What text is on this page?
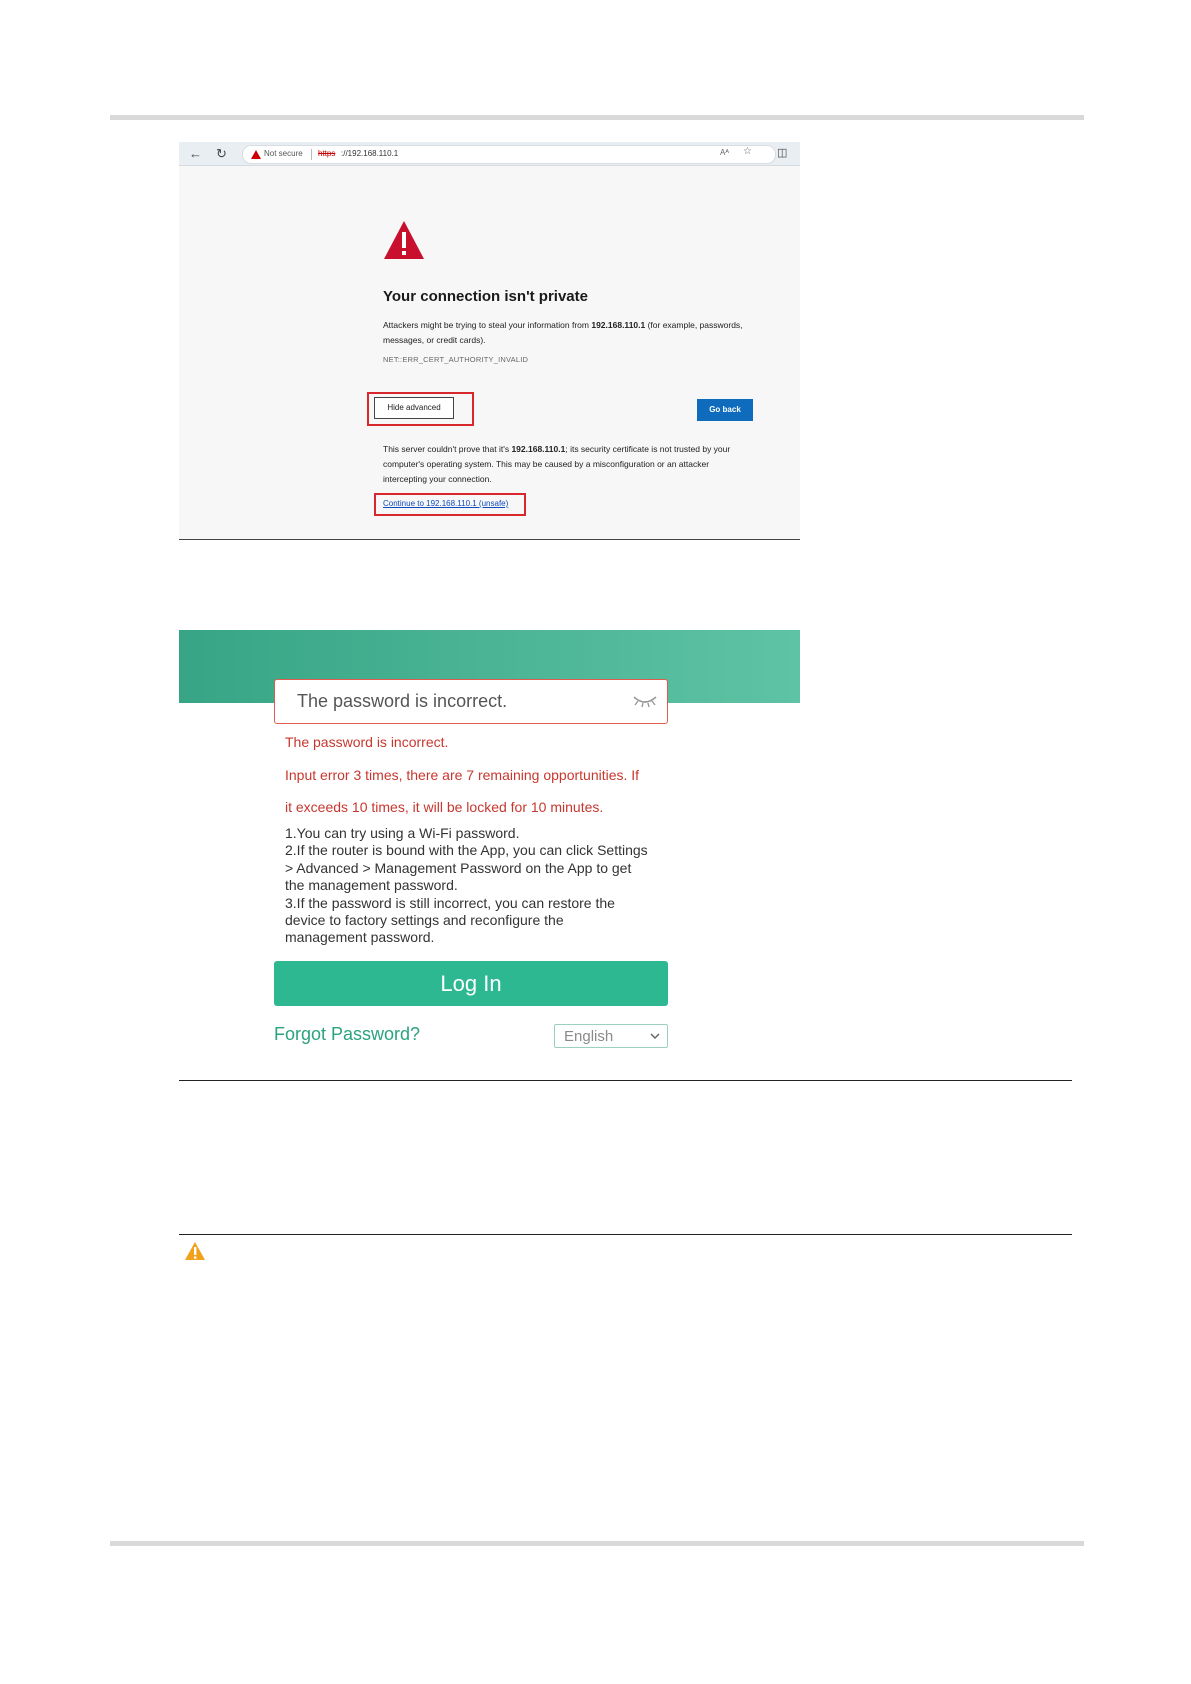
← ↻	Not secure https ://192.168.110.1	Aᴬ ☆ ◫
Your connection isn't private
Attackers might be trying to steal your information from 192.168.110.1 (for example, passwords, messages, or credit cards).
NET::ERR_CERT_AUTHORITY_INVALID
Hide advanced	Go back
This server couldn't prove that it's 192.168.110.1; its security certificate is not trusted by your computer's operating system. This may be caused by a misconfiguration or an attacker intercepting your connection.
Continue to 192.168.110.1 (unsafe)
The password is incorrect.
The password is incorrect.
Input error 3 times, there are 7 remaining opportunities. If
it exceeds 10 times, it will be locked for 10 minutes.
1.You can try using a Wi-Fi password.
2.If the router is bound with the App, you can click Settings
> Advanced > Management Password on the App to get
the management password.
3.If the password is still incorrect, you can restore the
device to factory settings and reconfigure the
management password.
Log In
Forgot Password?	English
